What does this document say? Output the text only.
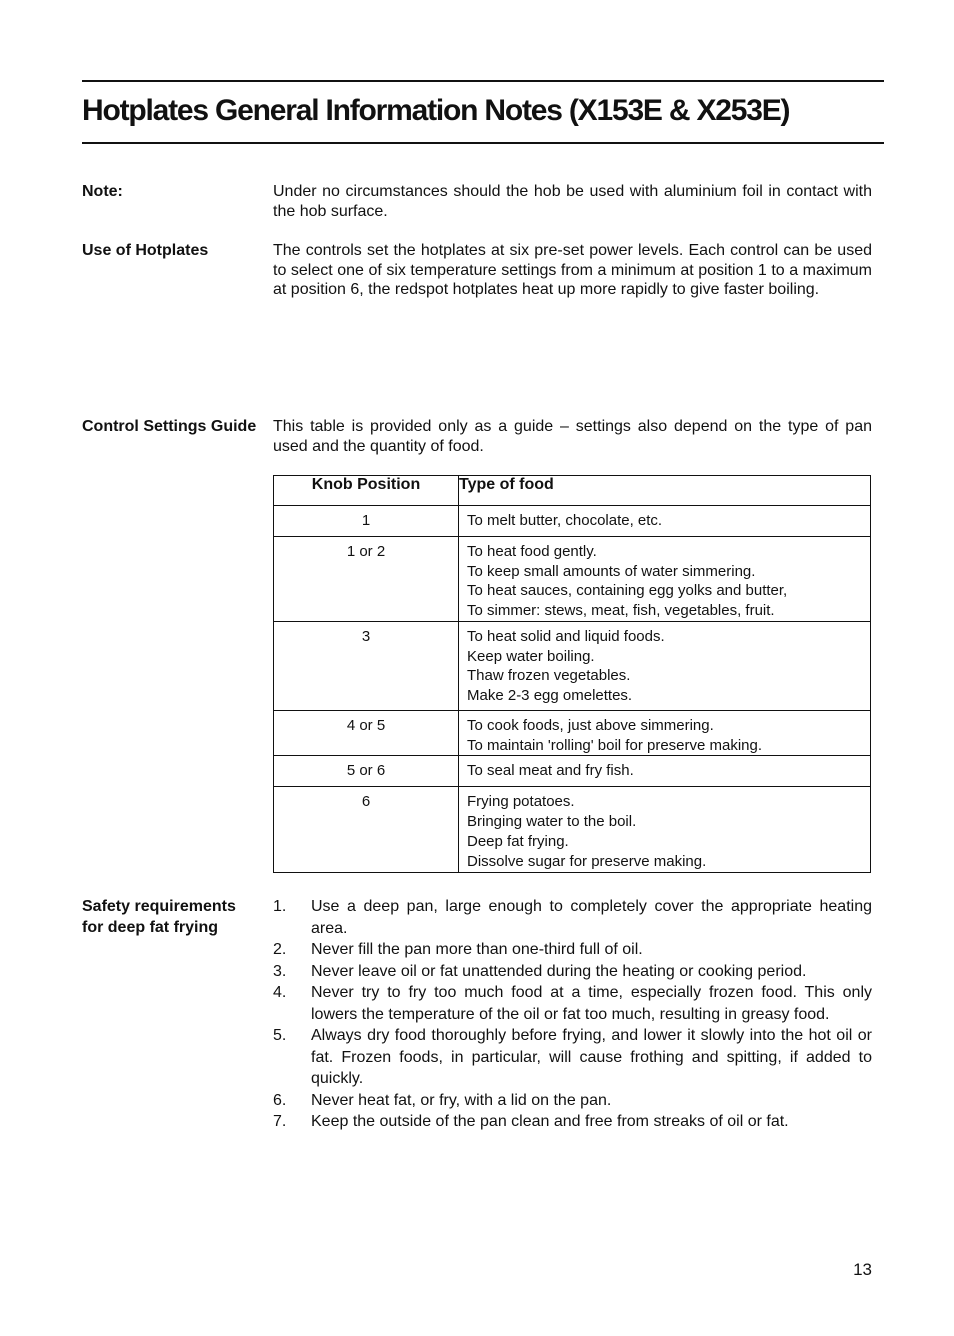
Hotplates General Information Notes (X153E & X253E)
Note:	Under no circumstances should the hob be used with aluminium foil in contact with the hob surface.
Use of Hotplates	The controls set the hotplates at six pre-set power levels. Each control can be used to select one of six temperature settings from a minimum at position 1 to a maximum at position 6, the redspot hotplates heat up more rapidly to give faster boiling.
Control Settings Guide	This table is provided only as a guide – settings also depend on the type of pan used and the quantity of food.
Knob Position	Type of food
1	To melt butter, chocolate, etc.

1 or 2	To heat food gently.
To keep small amounts of water simmering.
To heat sauces, containing egg yolks and butter,
To simmer: stews, meat, fish, vegetables, fruit.

3	To heat solid and liquid foods.
Keep water boiling.
Thaw frozen vegetables.
Make 2-3 egg omelettes.

4 or 5	To cook foods, just above simmering.
To maintain 'rolling' boil for preserve making.

5 or 6	To seal meat and fry fish.

6	Frying potatoes.
Bringing water to the boil.
Deep fat frying.
Dissolve sugar for preserve making.
Safety requirements for deep fat frying
1.	Use a deep pan, large enough to completely cover the appropriate heating area.
2.	Never fill the pan more than one-third full of oil.
3.	Never leave oil or fat unattended during the heating or cooking period.
4.	Never try to fry too much food at a time, especially frozen food. This only lowers the temperature of the oil or fat too much, resulting in greasy food.
5.	Always dry food thoroughly before frying, and lower it slowly into the hot oil or fat. Frozen foods, in particular, will cause frothing and spitting, if added to quickly.
6.	Never heat fat, or fry, with a lid on the pan.
7.	Keep the outside of the pan clean and free from streaks of oil or fat.
13
